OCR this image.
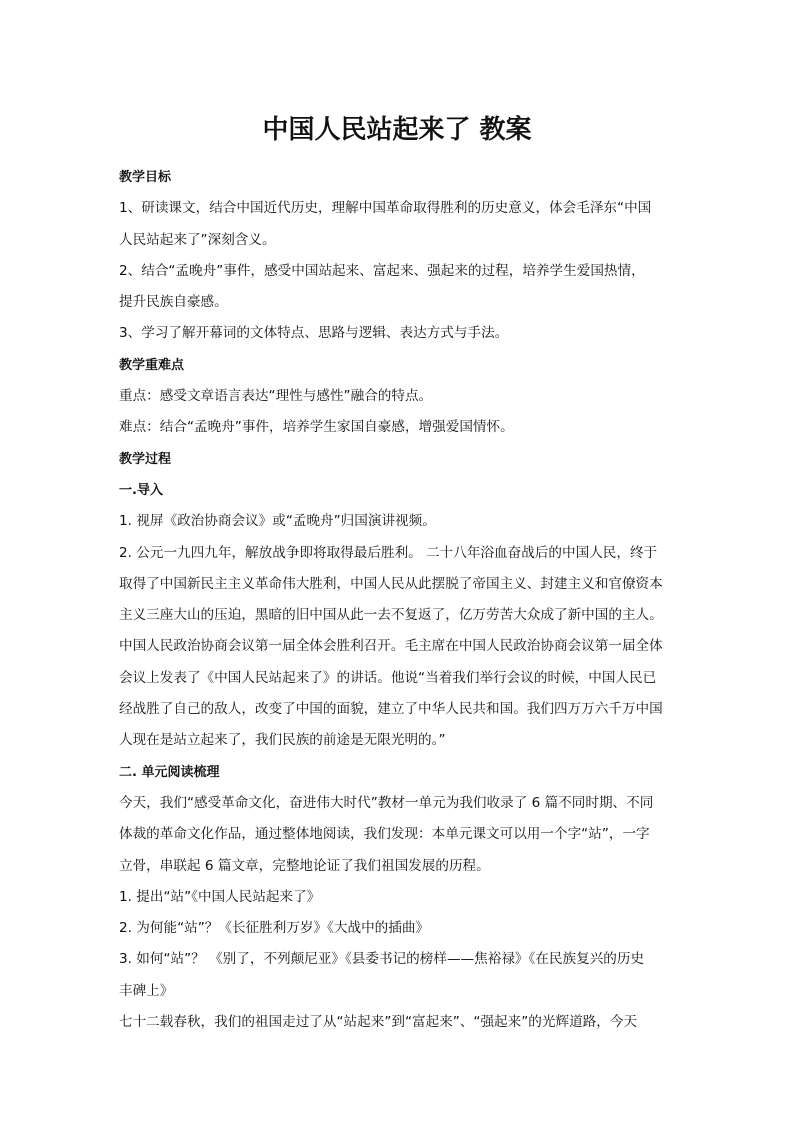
中国人民站起来了 教案

教学目标

1、研读课文，结合中国近代历史，理解中国革命取得胜利的历史意义，体会毛泽东“中国

人民站起来了”深刻含义。

2、结合“孟晚舟”事件，感受中国站起来、富起来、强起来的过程，培养学生爱国热情，

提升民族自豪感。

3、学习了解开幕词的文体特点、思路与逻辑、表达方式与手法。

教学重难点

重点：感受文章语言表达“理性与感性”融合的特点。

难点：结合“孟晚舟”事件，培养学生家国自豪感，增强爱国情怀。

教学过程

一.导入

1. 视屏《政治协商会议》或“孟晚舟”归国演讲视频。

2. 公元一九四九年，解放战争即将取得最后胜利。 二十八年浴血奋战后的中国人民，终于

取得了中国新民主主义革命伟大胜利，中国人民从此摆脱了帝国主义、封建主义和官僚资本

主义三座大山的压迫，黑暗的旧中国从此一去不复返了，亿万劳苦大众成了新中国的主人。

中国人民政治协商会议第一届全体会胜利召开。毛主席在中国人民政治协商会议第一届全体

会议上发表了《中国人民站起来了》的讲话。他说“当着我们举行会议的时候，中国人民已

经战胜了自己的敌人，改变了中国的面貌，建立了中华人民共和国。我们四万万六千万中国

人现在是站立起来了，我们民族的前途是无限光明的。”

二. 单元阅读梳理

今天，我们“感受革命文化，奋进伟大时代”教材一单元为我们收录了 6 篇不同时期、不同

体裁的革命文化作品，通过整体地阅读，我们发现：本单元课文可以用一个字“站”，一字

立骨，串联起 6 篇文章，完整地论证了我们祖国发展的历程。

1. 提出“站”《中国人民站起来了》

2. 为何能“站”？《长征胜利万岁》《大战中的插曲》

3. 如何“站”？ 《别了，不列颠尼亚》《县委书记的榜样——焦裕禄》《在民族复兴的历史

丰碑上》

七十二载春秋，我们的祖国走过了从“站起来”到“富起来”、“强起来”的光辉道路，今天
